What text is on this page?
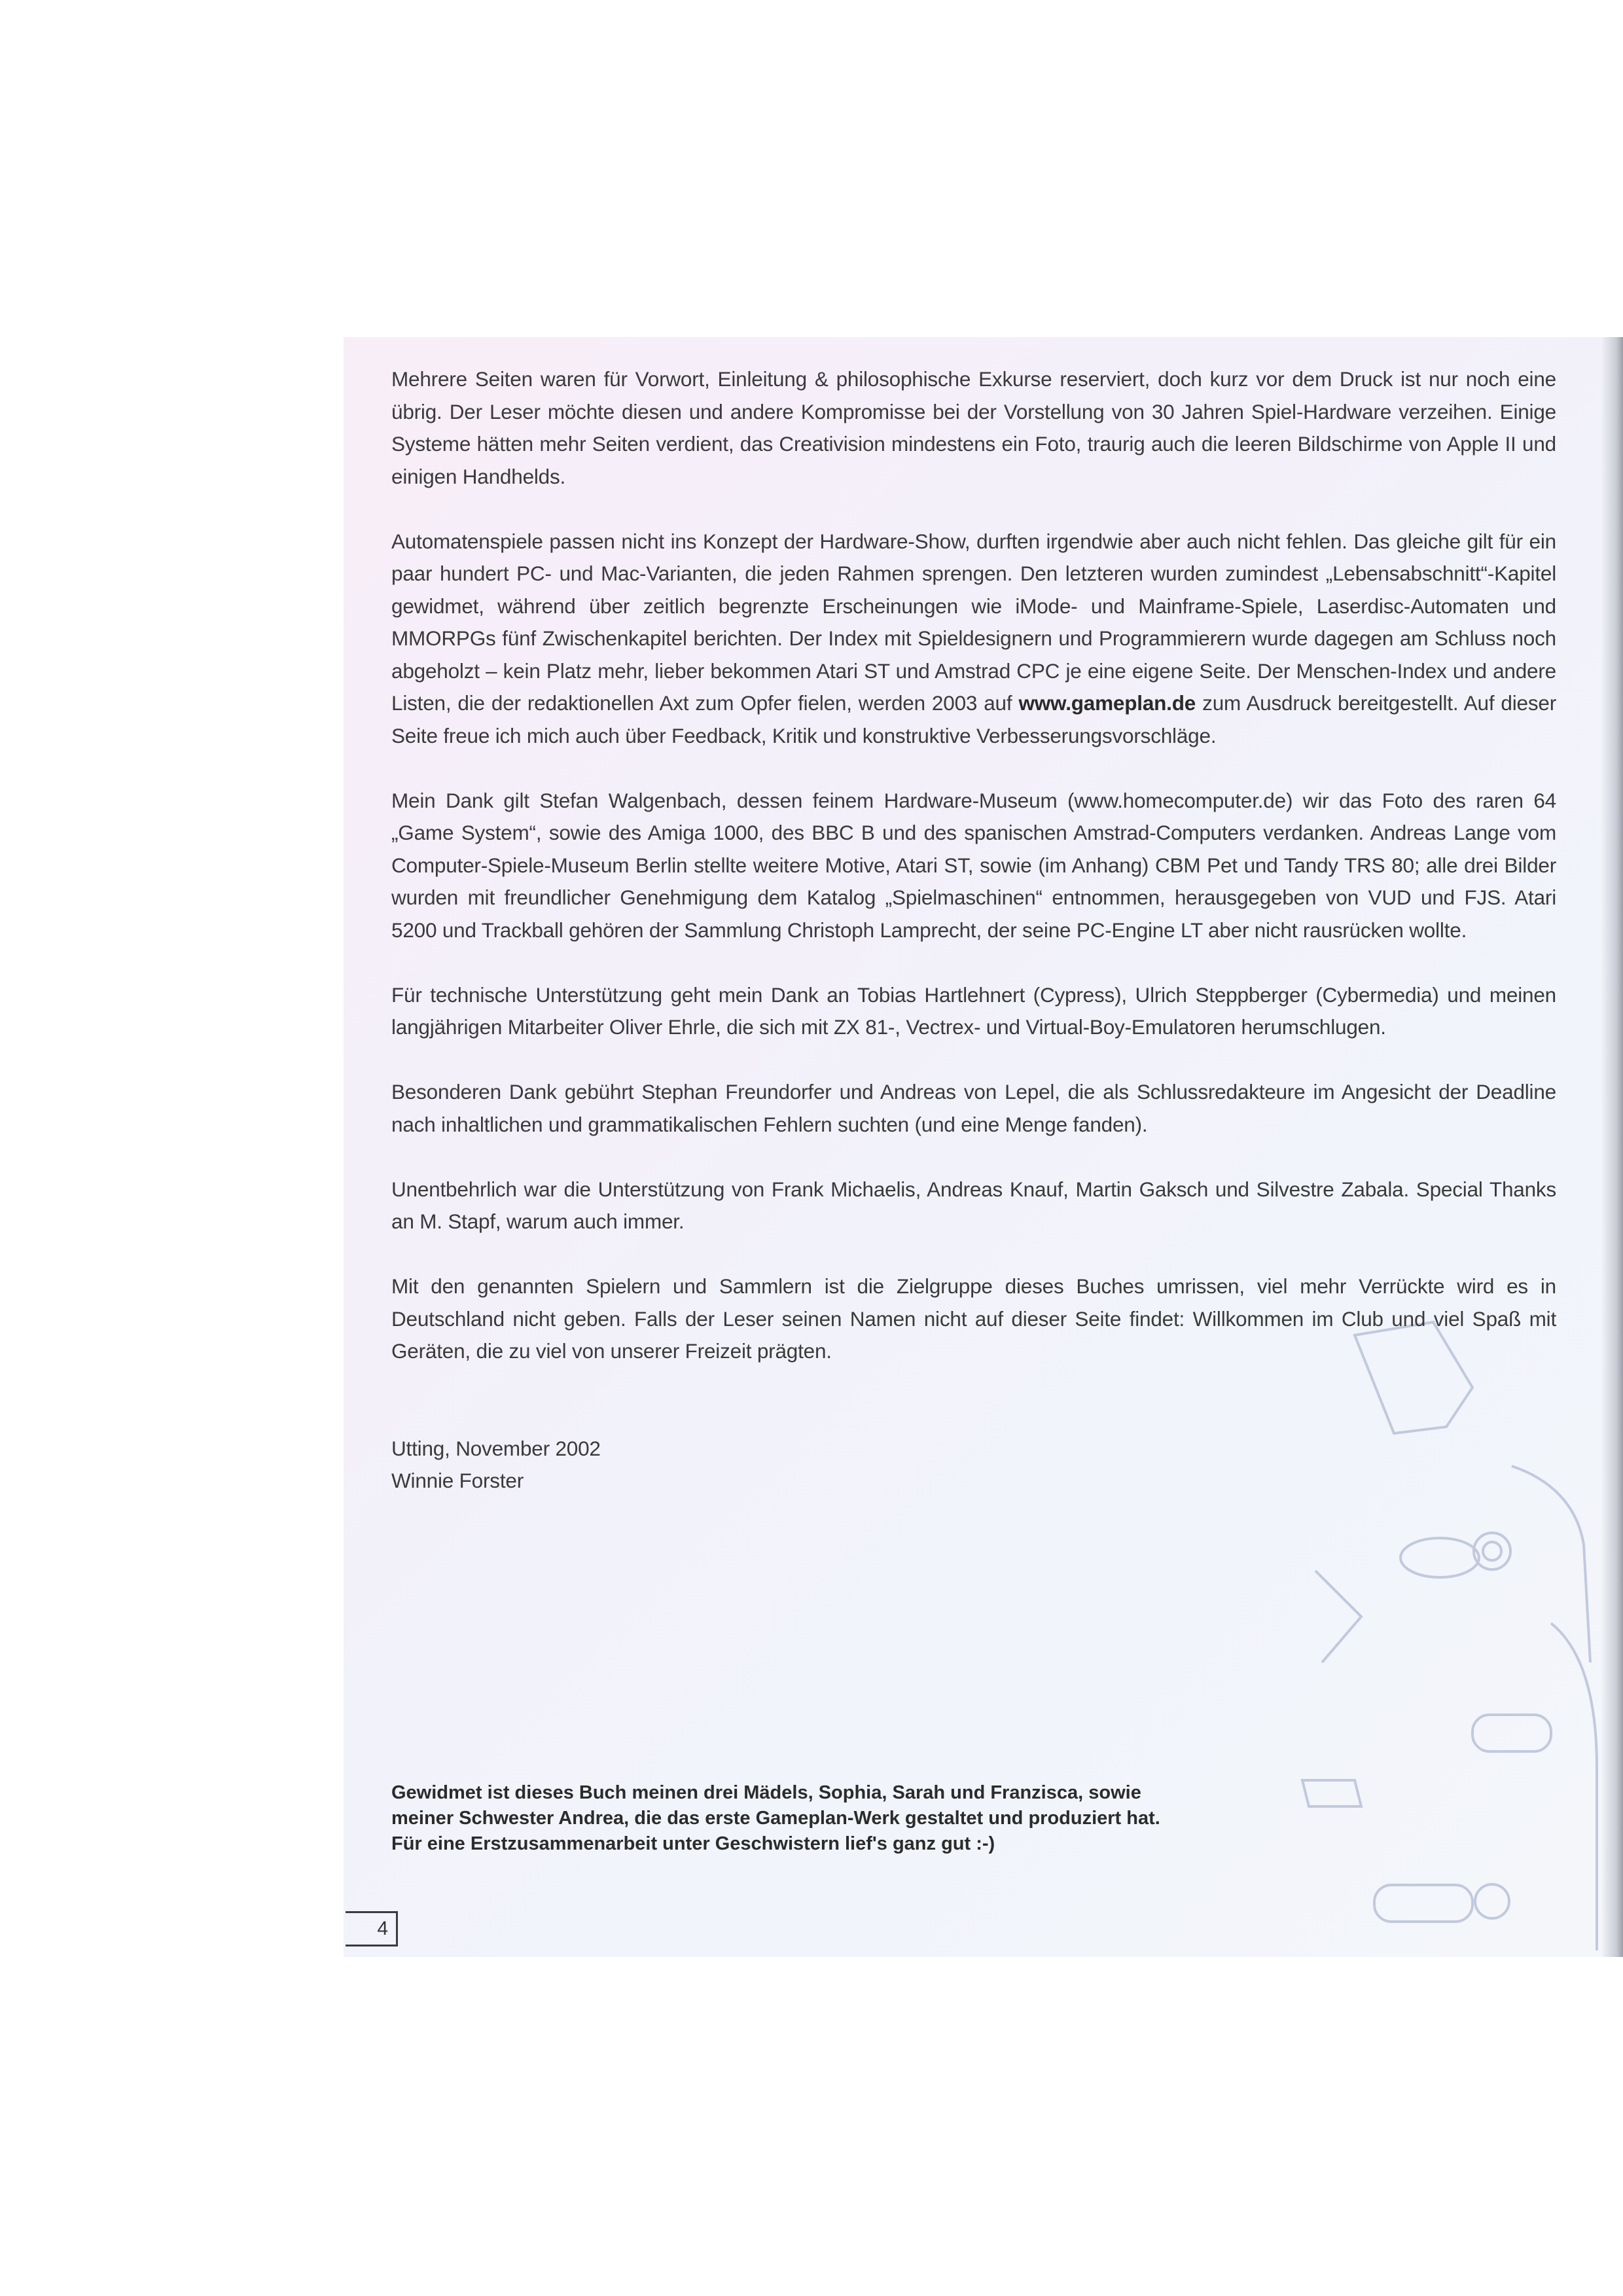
Mehrere Seiten waren für Vorwort, Einleitung & philosophische Exkurse reserviert, doch kurz vor dem Druck ist nur noch eine übrig. Der Leser möchte diesen und andere Kompromisse bei der Vorstellung von 30 Jahren Spiel-Hardware verzeihen. Einige Systeme hätten mehr Seiten verdient, das Creativision mindestens ein Foto, traurig auch die leeren Bildschirme von Apple II und einigen Handhelds.

Automatenspiele passen nicht ins Konzept der Hardware-Show, durften irgendwie aber auch nicht fehlen. Das gleiche gilt für ein paar hundert PC- und Mac-Varianten, die jeden Rahmen sprengen. Den letzteren wurden zumindest „Lebensabschnitt“-Kapitel gewidmet, während über zeitlich begrenzte Erscheinungen wie iMode- und Mainframe-Spiele, Laserdisc-Automaten und MMORPGs fünf Zwischenkapitel berichten. Der Index mit Spieldesignern und Programmierern wurde dagegen am Schluss noch abgeholzt – kein Platz mehr, lieber bekommen Atari ST und Amstrad CPC je eine eigene Seite. Der Menschen-Index und andere Listen, die der redaktionellen Axt zum Opfer fielen, werden 2003 auf www.gameplan.de zum Ausdruck bereitgestellt. Auf dieser Seite freue ich mich auch über Feedback, Kritik und konstruktive Verbesserungsvorschläge.

Mein Dank gilt Stefan Walgenbach, dessen feinem Hardware-Museum (www.homecomputer.de) wir das Foto des raren 64 „Game System“, sowie des Amiga 1000, des BBC B und des spanischen Amstrad-Computers verdanken. Andreas Lange vom Computer-Spiele-Museum Berlin stellte weitere Motive, Atari ST, sowie (im Anhang) CBM Pet und Tandy TRS 80; alle drei Bilder wurden mit freundlicher Genehmigung dem Katalog „Spielmaschinen“ entnommen, herausgegeben von VUD und FJS. Atari 5200 und Trackball gehören der Sammlung Christoph Lamprecht, der seine PC-Engine LT aber nicht rausrücken wollte.

Für technische Unterstützung geht mein Dank an Tobias Hartlehnert (Cypress), Ulrich Steppberger (Cybermedia) und meinen langjährigen Mitarbeiter Oliver Ehrle, die sich mit ZX 81-, Vectrex- und Virtual-Boy-Emulatoren herumschlugen.

Besonderen Dank gebührt Stephan Freundorfer und Andreas von Lepel, die als Schlussredakteure im Angesicht der Deadline nach inhaltlichen und grammatikalischen Fehlern suchten (und eine Menge fanden).

Unentbehrlich war die Unterstützung von Frank Michaelis, Andreas Knauf, Martin Gaksch und Silvestre Zabala. Special Thanks an M. Stapf, warum auch immer.

Mit den genannten Spielern und Sammlern ist die Zielgruppe dieses Buches umrissen, viel mehr Verrückte wird es in Deutschland nicht geben. Falls der Leser seinen Namen nicht auf dieser Seite findet: Willkommen im Club und viel Spaß mit Geräten, die zu viel von unserer Freizeit prägten.

Utting, November 2002
Winnie Forster
Gewidmet ist dieses Buch meinen drei Mädels, Sophia, Sarah und Franzisca, sowie meiner Schwester Andrea, die das erste Gameplan-Werk gestaltet und produziert hat. Für eine Erstzusammenarbeit unter Geschwistern lief's ganz gut :-)
4
